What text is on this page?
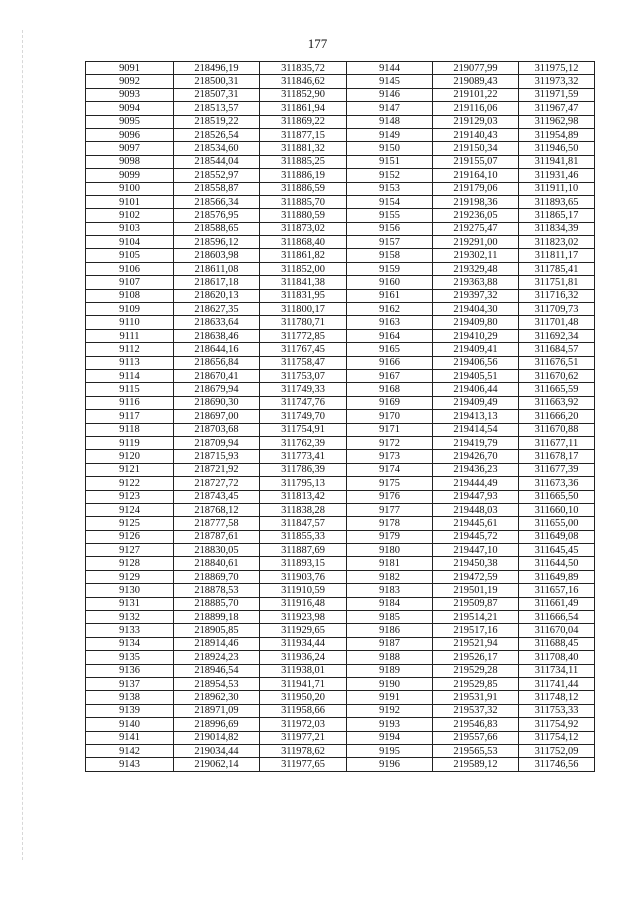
177
9091	218496,19	311835,72	9144	219077,99	311975,12
9092	218500,31	311846,62	9145	219089,43	311973,32
9093	218507,31	311852,90	9146	219101,22	311971,59
9094	218513,57	311861,94	9147	219116,06	311967,47
9095	218519,22	311869,22	9148	219129,03	311962,98
9096	218526,54	311877,15	9149	219140,43	311954,89
9097	218534,60	311881,32	9150	219150,34	311946,50
9098	218544,04	311885,25	9151	219155,07	311941,81
9099	218552,97	311886,19	9152	219164,10	311931,46
9100	218558,87	311886,59	9153	219179,06	311911,10
9101	218566,34	311885,70	9154	219198,36	311893,65
9102	218576,95	311880,59	9155	219236,05	311865,17
9103	218588,65	311873,02	9156	219275,47	311834,39
9104	218596,12	311868,40	9157	219291,00	311823,02
9105	218603,98	311861,82	9158	219302,11	311811,17
9106	218611,08	311852,00	9159	219329,48	311785,41
9107	218617,18	311841,38	9160	219363,88	311751,81
9108	218620,13	311831,95	9161	219397,32	311716,32
9109	218627,35	311800,17	9162	219404,30	311709,73
9110	218633,64	311780,71	9163	219409,80	311701,48
9111	218638,46	311772,85	9164	219410,29	311692,34
9112	218644,16	311767,45	9165	219409,41	311684,57
9113	218656,84	311758,47	9166	219406,56	311676,51
9114	218670,41	311753,07	9167	219405,51	311670,62
9115	218679,94	311749,33	9168	219406,44	311665,59
9116	218690,30	311747,76	9169	219409,49	311663,92
9117	218697,00	311749,70	9170	219413,13	311666,20
9118	218703,68	311754,91	9171	219414,54	311670,88
9119	218709,94	311762,39	9172	219419,79	311677,11
9120	218715,93	311773,41	9173	219426,70	311678,17
9121	218721,92	311786,39	9174	219436,23	311677,39
9122	218727,72	311795,13	9175	219444,49	311673,36
9123	218743,45	311813,42	9176	219447,93	311665,50
9124	218768,12	311838,28	9177	219448,03	311660,10
9125	218777,58	311847,57	9178	219445,61	311655,00
9126	218787,61	311855,33	9179	219445,72	311649,08
9127	218830,05	311887,69	9180	219447,10	311645,45
9128	218840,61	311893,15	9181	219450,38	311644,50
9129	218869,70	311903,76	9182	219472,59	311649,89
9130	218878,53	311910,59	9183	219501,19	311657,16
9131	218885,70	311916,48	9184	219509,87	311661,49
9132	218899,18	311923,98	9185	219514,21	311666,54
9133	218905,85	311929,65	9186	219517,16	311670,04
9134	218914,46	311934,44	9187	219521,94	311688,45
9135	218924,23	311936,24	9188	219526,17	311708,40
9136	218946,54	311938,01	9189	219529,28	311734,11
9137	218954,53	311941,71	9190	219529,85	311741,44
9138	218962,30	311950,20	9191	219531,91	311748,12
9139	218971,09	311958,66	9192	219537,32	311753,33
9140	218996,69	311972,03	9193	219546,83	311754,92
9141	219014,82	311977,21	9194	219557,66	311754,12
9142	219034,44	311978,62	9195	219565,53	311752,09
9143	219062,14	311977,65	9196	219589,12	311746,56
